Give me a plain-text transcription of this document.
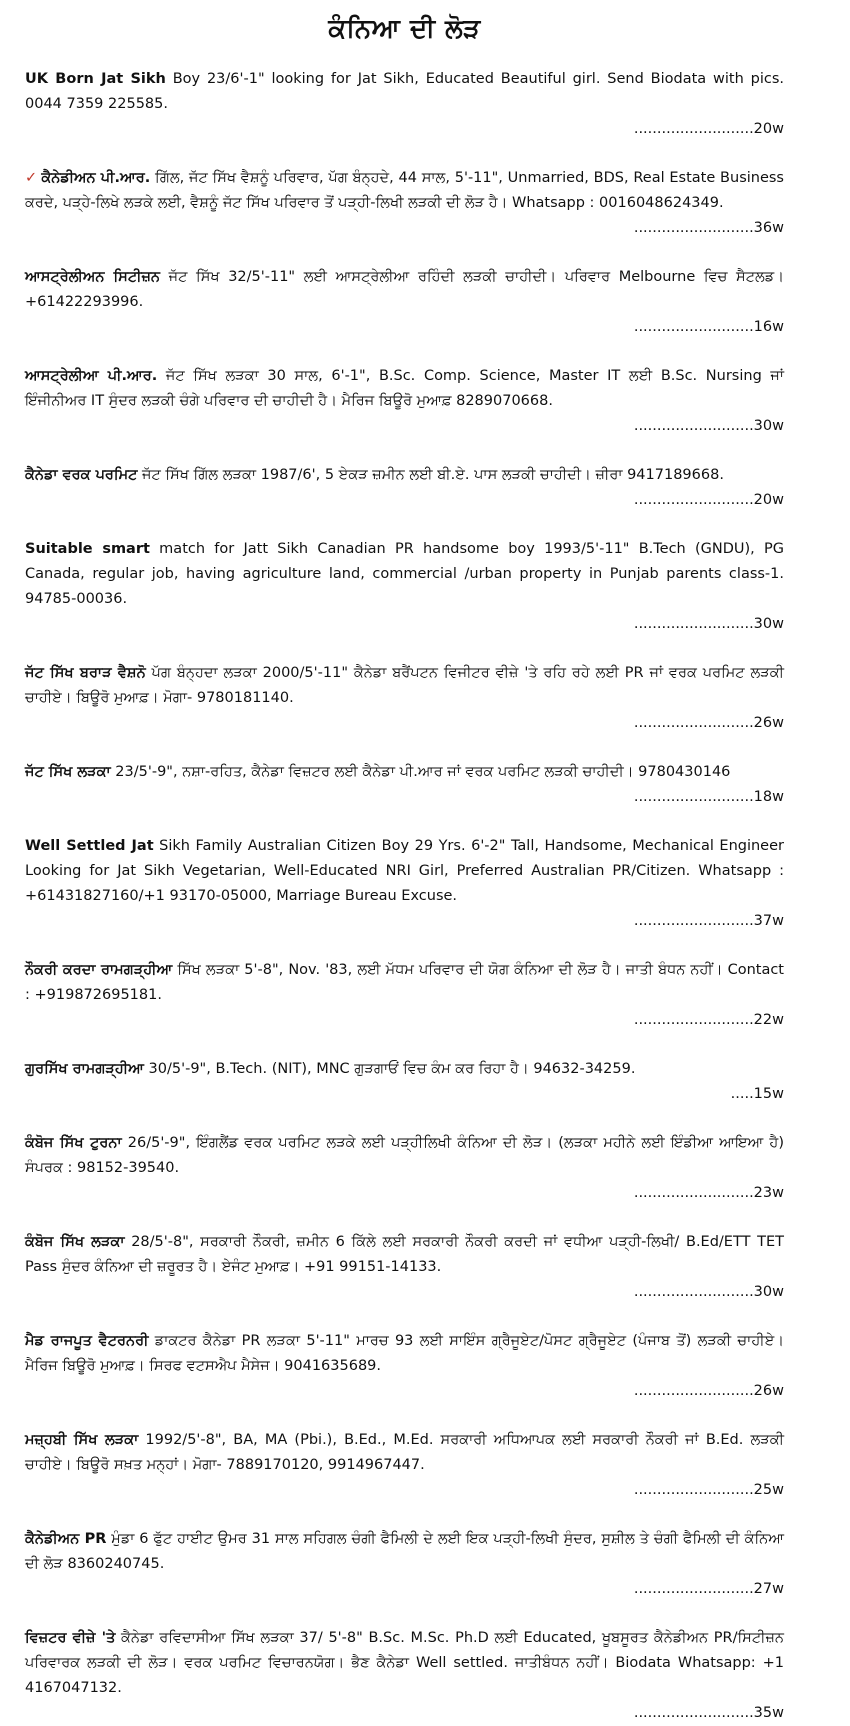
ਕੰਨਿਆ ਦੀ ਲੋੜ
UK Born Jat Sikh Boy 23/6'-1" looking for Jat Sikh, Educated Beautiful girl. Send Biodata with pics. 0044 7359 225585.
..........................20w
✓ ਕੈਨੇਡੀਅਨ ਪੀ.ਆਰ. ਗਿੱਲ, ਜੱਟ ਸਿੱਖ ਵੈਸ਼ਨੂੰ ਪਰਿਵਾਰ, ਪੱਗ ਬੰਨ੍ਹਦੇ, 44 ਸਾਲ, 5'-11", Unmarried, BDS, Real Estate Business ਕਰਦੇ, ਪੜ੍ਹੇ-ਲਿਖੇ ਲੜਕੇ ਲਈ, ਵੈਸ਼ਨੂੰ ਜੱਟ ਸਿੱਖ ਪਰਿਵਾਰ ਤੋਂ ਪੜ੍ਹੀ-ਲਿਖੀ ਲੜਕੀ ਦੀ ਲੋੜ ਹੈ। Whatsapp : 0016048624349.
..........................36w
ਆਸਟ੍ਰੇਲੀਅਨ ਸਿਟੀਜ਼ਨ ਜੱਟ ਸਿੱਖ 32/5'-11" ਲਈ ਆਸਟ੍ਰੇਲੀਆ ਰਹਿੰਦੀ ਲੜਕੀ ਚਾਹੀਦੀ। ਪਰਿਵਾਰ Melbourne ਵਿਚ ਸੈਟਲਡ। +61422293996.
..........................16w
ਆਸਟ੍ਰੇਲੀਆ ਪੀ.ਆਰ. ਜੱਟ ਸਿੱਖ ਲੜਕਾ 30 ਸਾਲ, 6'-1", B.Sc. Comp. Science, Master IT ਲਈ B.Sc. Nursing ਜਾਂ ਇੰਜੀਨੀਅਰ IT ਸੁੰਦਰ ਲੜਕੀ ਚੰਗੇ ਪਰਿਵਾਰ ਦੀ ਚਾਹੀਦੀ ਹੈ। ਮੈਰਿਜ ਬਿਊਰੋ ਮੁਆਫ਼ 8289070668.
..........................30w
ਕੈਨੇਡਾ ਵਰਕ ਪਰਮਿਟ ਜੱਟ ਸਿੱਖ ਗਿੱਲ ਲੜਕਾ 1987/6', 5 ਏਕੜ ਜ਼ਮੀਨ ਲਈ ਬੀ.ਏ. ਪਾਸ ਲੜਕੀ ਚਾਹੀਦੀ। ਜ਼ੀਰਾ 9417189668.
..........................20w
Suitable smart match for Jatt Sikh Canadian PR handsome boy 1993/5'-11" B.Tech (GNDU), PG Canada, regular job, having agriculture land, commercial /urban property in Punjab parents class-1. 94785-00036.
..........................30w
ਜੱਟ ਸਿੱਖ ਬਰਾੜ ਵੈਸ਼ਨੋ ਪੱਗ ਬੰਨ੍ਹਦਾ ਲੜਕਾ 2000/5'-11" ਕੈਨੇਡਾ ਬਰੈਂਪਟਨ ਵਿਜੀਟਰ ਵੀਜ਼ੇ 'ਤੇ ਰਹਿ ਰਹੇ ਲਈ PR ਜਾਂ ਵਰਕ ਪਰਮਿਟ ਲੜਕੀ ਚਾਹੀਏ। ਬਿਊਰੋ ਮੁਆਫ਼। ਮੋਗਾ- 9780181140.
..........................26w
ਜੱਟ ਸਿੱਖ ਲੜਕਾ 23/5'-9", ਨਸ਼ਾ-ਰਹਿਤ, ਕੈਨੇਡਾ ਵਿਜ਼ਟਰ ਲਈ ਕੈਨੇਡਾ ਪੀ.ਆਰ ਜਾਂ ਵਰਕ ਪਰਮਿਟ ਲੜਕੀ ਚਾਹੀਦੀ। 9780430146
..........................18w
Well Settled Jat Sikh Family Australian Citizen Boy 29 Yrs. 6'-2" Tall, Handsome, Mechanical Engineer Looking for Jat Sikh Vegetarian, Well-Educated NRI Girl, Preferred Australian PR/Citizen. Whatsapp : +61431827160/+1 93170-05000, Marriage Bureau Excuse.
..........................37w
ਨੌਕਰੀ ਕਰਦਾ ਰਾਮਗੜ੍ਹੀਆ ਸਿੱਖ ਲੜਕਾ 5'-8", Nov. '83, ਲਈ ਮੱਧਮ ਪਰਿਵਾਰ ਦੀ ਯੋਗ ਕੰਨਿਆ ਦੀ ਲੋੜ ਹੈ। ਜਾਤੀ ਬੰਧਨ ਨਹੀਂ। Contact : +919872695181.
..........................22w
ਗੁਰਸਿੱਖ ਰਾਮਗੜ੍ਹੀਆ 30/5'-9", B.Tech. (NIT), MNC ਗੁੜਗਾਓਂ ਵਿਚ ਕੰਮ ਕਰ ਰਿਹਾ ਹੈ। 94632-34259.
.....15w
ਕੰਬੋਜ ਸਿੱਖ ਟੁਰਨਾ 26/5'-9", ਇੰਗਲੈਂਡ ਵਰਕ ਪਰਮਿਟ ਲੜਕੇ ਲਈ ਪੜ੍ਹੀਲਿਖੀ ਕੰਨਿਆ ਦੀ ਲੋੜ। (ਲੜਕਾ ਮਹੀਨੇ ਲਈ ਇੰਡੀਆ ਆਇਆ ਹੈ) ਸੰਪਰਕ : 98152-39540.
..........................23w
ਕੰਬੋਜ ਸਿੱਖ ਲੜਕਾ 28/5'-8", ਸਰਕਾਰੀ ਨੌਕਰੀ, ਜ਼ਮੀਨ 6 ਕਿੱਲੇ ਲਈ ਸਰਕਾਰੀ ਨੌਕਰੀ ਕਰਦੀ ਜਾਂ ਵਧੀਆ ਪੜ੍ਹੀ-ਲਿਖੀ/ B.Ed/ETT TET Pass ਸੁੰਦਰ ਕੰਨਿਆ ਦੀ ਜ਼ਰੂਰਤ ਹੈ। ਏਜੰਟ ਮੁਆਫ਼। +91 99151-14133.
..........................30w
ਮੈਡ ਰਾਜਪੂਤ ਵੈਟਰਨਰੀ ਡਾਕਟਰ ਕੈਨੇਡਾ PR ਲੜਕਾ 5'-11" ਮਾਰਚ 93 ਲਈ ਸਾਇੰਸ ਗ੍ਰੈਜੂਏਟ/ਪੋਸਟ ਗ੍ਰੈਜੂਏਟ (ਪੰਜਾਬ ਤੋਂ) ਲੜਕੀ ਚਾਹੀਏ। ਮੈਰਿਜ ਬਿਊਰੋ ਮੁਆਫ਼। ਸਿਰਫ ਵਟਸਐਪ ਮੈਸੇਜ। 9041635689.
..........................26w
ਮਜ਼੍ਹਬੀ ਸਿੱਖ ਲੜਕਾ 1992/5'-8", BA, MA (Pbi.), B.Ed., M.Ed. ਸਰਕਾਰੀ ਅਧਿਆਪਕ ਲਈ ਸਰਕਾਰੀ ਨੌਕਰੀ ਜਾਂ B.Ed. ਲੜਕੀ ਚਾਹੀਏ। ਬਿਊਰੋ ਸਖ਼ਤ ਮਨ੍ਹਾਂ। ਮੋਗਾ- 7889170120, 9914967447.
..........................25w
ਕੈਨੇਡੀਅਨ PR ਮੁੰਡਾ 6 ਫੁੱਟ ਹਾਈਟ ਉਮਰ 31 ਸਾਲ ਸਹਿਗਲ ਚੰਗੀ ਫੈਮਿਲੀ ਦੇ ਲਈ ਇਕ ਪੜ੍ਹੀ-ਲਿਖੀ ਸੁੰਦਰ, ਸੁਸ਼ੀਲ ਤੇ ਚੰਗੀ ਫੈਮਿਲੀ ਦੀ ਕੰਨਿਆ ਦੀ ਲੋੜ 8360240745.
..........................27w
ਵਿਜ਼ਟਰ ਵੀਜ਼ੇ 'ਤੇ ਕੈਨੇਡਾ ਰਵਿਦਾਸੀਆ ਸਿੱਖ ਲੜਕਾ 37/ 5'-8" B.Sc. M.Sc. Ph.D ਲਈ Educated, ਖੂਬਸੂਰਤ ਕੈਨੇਡੀਅਨ PR/ਸਿਟੀਜ਼ਨ ਪਰਿਵਾਰਕ ਲੜਕੀ ਦੀ ਲੋੜ। ਵਰਕ ਪਰਮਿਟ ਵਿਚਾਰਨਯੋਗ। ਭੈਣ ਕੈਨੇਡਾ Well settled. ਜਾਤੀਬੰਧਨ ਨਹੀਂ। Biodata Whatsapp: +1 4167047132.
..........................35w
